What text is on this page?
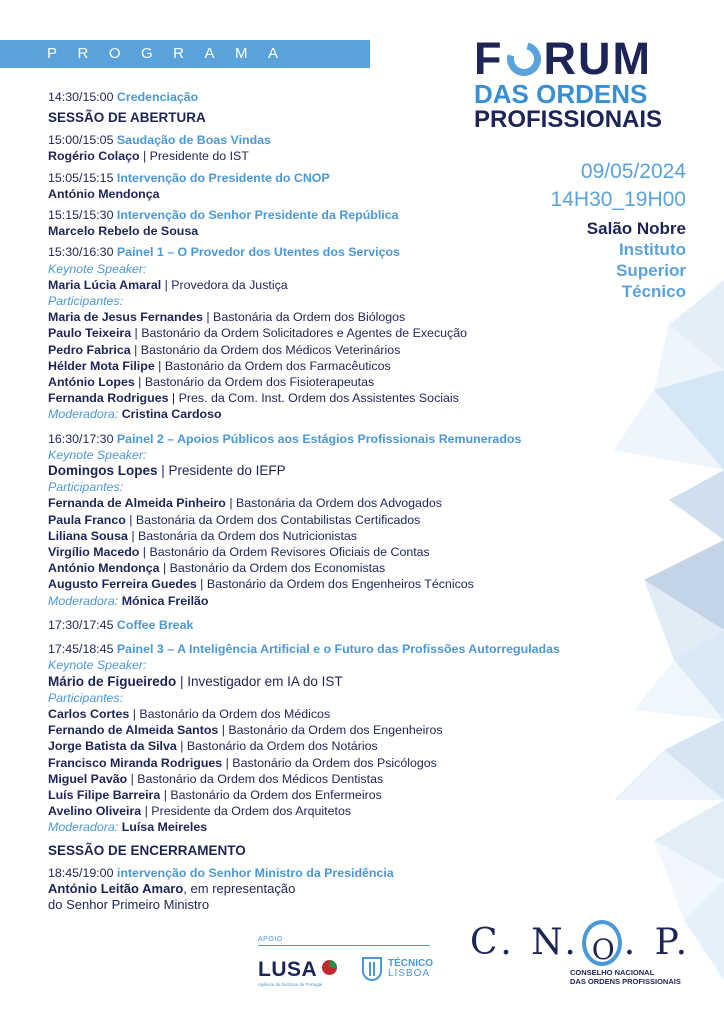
PROGRAMA	F RUM
DAS ORDENS
PROFISSIONAIS
09/05/2024
14H30_19H00
Salão Nobre
Instituto
Superior
Técnico
14:30/15:00 Credenciação
SESSÃO DE ABERTURA
15:00/15:05 Saudação de Boas Vindas
Rogério Colaço | Presidente do IST
15:05/15:15 Intervenção do Presidente do CNOP
António Mendonça
15:15/15:30 Intervenção do Senhor Presidente da República
Marcelo Rebelo de Sousa
15:30/16:30 Painel 1 – O Provedor dos Utentes dos Serviços
Keynote Speaker:
Maria Lúcia Amaral | Provedora da Justiça
Participantes:
Maria de Jesus Fernandes | Bastonária da Ordem dos Biólogos
Paulo Teixeira | Bastonário da Ordem Solicitadores e Agentes de Execução
Pedro Fabrica | Bastonário da Ordem dos Médicos Veterinários
Hélder Mota Filipe | Bastonário da Ordem dos Farmacêuticos
António Lopes | Bastonário da Ordem dos Fisioterapeutas
Fernanda Rodrigues | Pres. da Com. Inst. Ordem dos Assistentes Sociais
Moderadora: Cristina Cardoso
16:30/17:30 Painel 2 – Apoios Públicos aos Estágios Profissionais Remunerados
Keynote Speaker:
Domingos Lopes | Presidente do IEFP
Participantes:
Fernanda de Almeida Pinheiro | Bastonária da Ordem dos Advogados
Paula Franco | Bastonária da Ordem dos Contabilistas Certificados
Liliana Sousa | Bastonária da Ordem dos Nutricionistas
Virgílio Macedo | Bastonário da Ordem Revisores Oficiais de Contas
António Mendonça | Bastonário da Ordem dos Economistas
Augusto Ferreira Guedes | Bastonário da Ordem dos Engenheiros Técnicos
Moderadora: Mónica Freilão
17:30/17:45 Coffee Break
17:45/18:45 Painel 3 – A Inteligência Artificial e o Futuro das Profissões Autorreguladas
Keynote Speaker:
Mário de Figueiredo | Investigador em IA do IST
Participantes:
Carlos Cortes | Bastonário da Ordem dos Médicos
Fernando de Almeida Santos | Bastonário da Ordem dos Engenheiros
Jorge Batista da Silva | Bastonário da Ordem dos Notários
Francisco Miranda Rodrigues | Bastonário da Ordem dos Psicólogos
Miguel Pavão | Bastonário da Ordem dos Médicos Dentistas
Luís Filipe Barreira | Bastonário da Ordem dos Enfermeiros
Avelino Oliveira | Presidente da Ordem dos Arquitetos
Moderadora: Luísa Meireles
SESSÃO DE ENCERRAMENTO
18:45/19:00 intervenção do Senhor Ministro da Presidência
António Leitão Amaro, em representação
do Senhor Primeiro Ministro
APOIO
LUSA
Agência de Notícias de Portugal
TÉCNICO
LISBOA
C. N. O . P.
CONSELHO NACIONAL
DAS ORDENS PROFISSIONAIS
